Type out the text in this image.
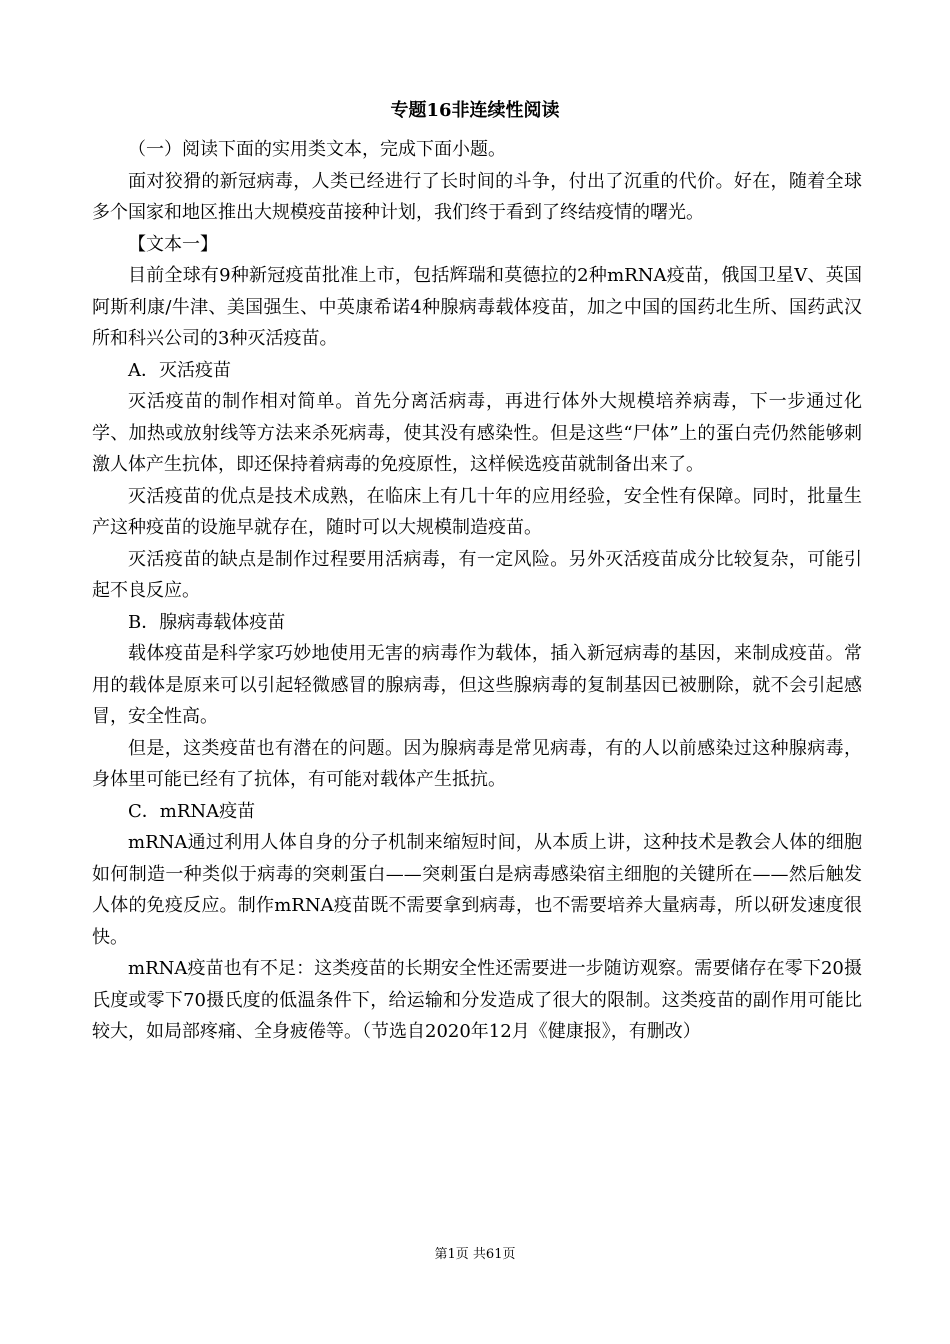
专题16非连续性阅读

（一）阅读下面的实用类文本，完成下面小题。

面对狡猾的新冠病毒，人类已经进行了长时间的斗争，付出了沉重的代价。好在，随着全球多个国家和地区推出大规模疫苗接种计划，我们终于看到了终结疫情的曙光。

【文本一】

目前全球有9种新冠疫苗批准上市，包括辉瑞和莫德拉的2种mRNA疫苗，俄国卫星V、英国阿斯利康/牛津、美国强生、中英康希诺4种腺病毒载体疫苗，加之中国的国药北生所、国药武汉所和科兴公司的3种灭活疫苗。

A．灭活疫苗

灭活疫苗的制作相对简单。首先分离活病毒，再进行体外大规模培养病毒，下一步通过化学、加热或放射线等方法来杀死病毒，使其没有感染性。但是这些“尸体”上的蛋白壳仍然能够刺激人体产生抗体，即还保持着病毒的免疫原性，这样候选疫苗就制备出来了。

灭活疫苗的优点是技术成熟，在临床上有几十年的应用经验，安全性有保障。同时，批量生产这种疫苗的设施早就存在，随时可以大规模制造疫苗。

灭活疫苗的缺点是制作过程要用活病毒，有一定风险。另外灭活疫苗成分比较复杂，可能引起不良反应。

B．腺病毒载体疫苗

载体疫苗是科学家巧妙地使用无害的病毒作为载体，插入新冠病毒的基因，来制成疫苗。常用的载体是原来可以引起轻微感冒的腺病毒，但这些腺病毒的复制基因已被删除，就不会引起感冒，安全性高。

但是，这类疫苗也有潜在的问题。因为腺病毒是常见病毒，有的人以前感染过这种腺病毒，身体里可能已经有了抗体，有可能对载体产生抵抗。

C．mRNA疫苗

mRNA通过利用人体自身的分子机制来缩短时间，从本质上讲，这种技术是教会人体的细胞如何制造一种类似于病毒的突刺蛋白——突刺蛋白是病毒感染宿主细胞的关键所在——然后触发人体的免疫反应。制作mRNA疫苗既不需要拿到病毒，也不需要培养大量病毒，所以研发速度很快。

mRNA疫苗也有不足：这类疫苗的长期安全性还需要进一步随访观察。需要储存在零下20摄氏度或零下70摄氏度的低温条件下，给运输和分发造成了很大的限制。这类疫苗的副作用可能比较大，如局部疼痛、全身疲倦等。（节选自2020年12月《健康报》，有删改）

第1页 共61页
